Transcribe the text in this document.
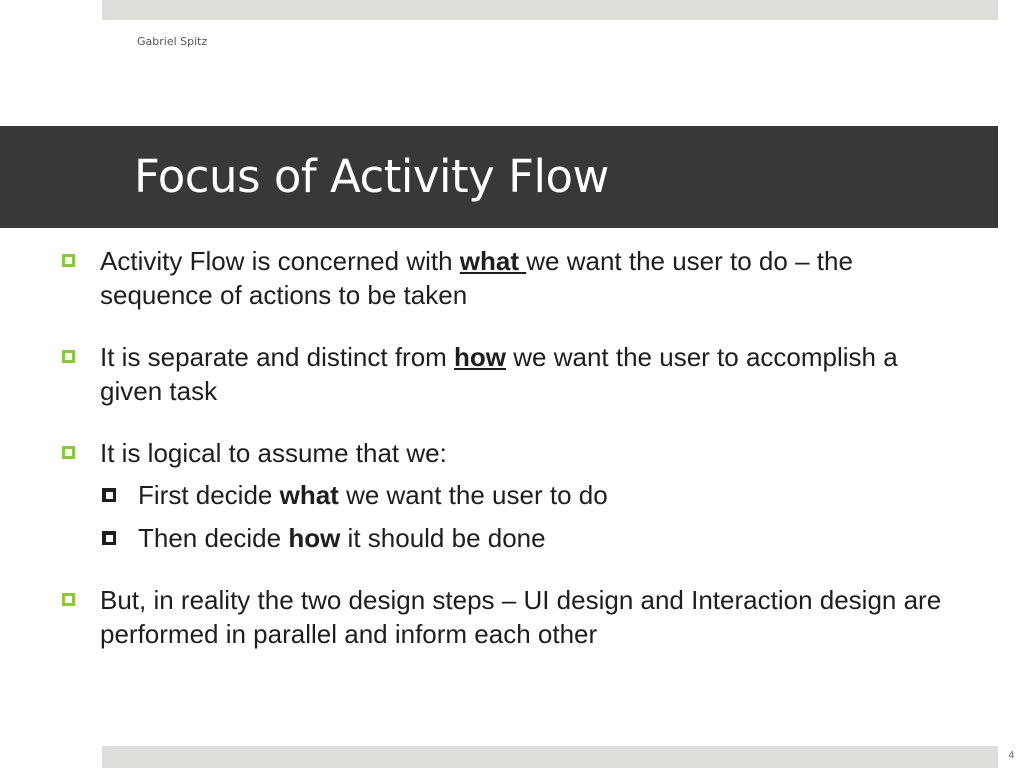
Gabriel Spitz
Focus of Activity Flow
Activity Flow is concerned with what we want the user to do – the sequence of actions to be taken
It is separate and distinct from how we want the user to accomplish a given task
It is logical to assume that we:
First decide what we want the user to do
Then decide how it should be done
But, in reality the two design steps – UI design and Interaction design are performed in parallel and inform each other
4
